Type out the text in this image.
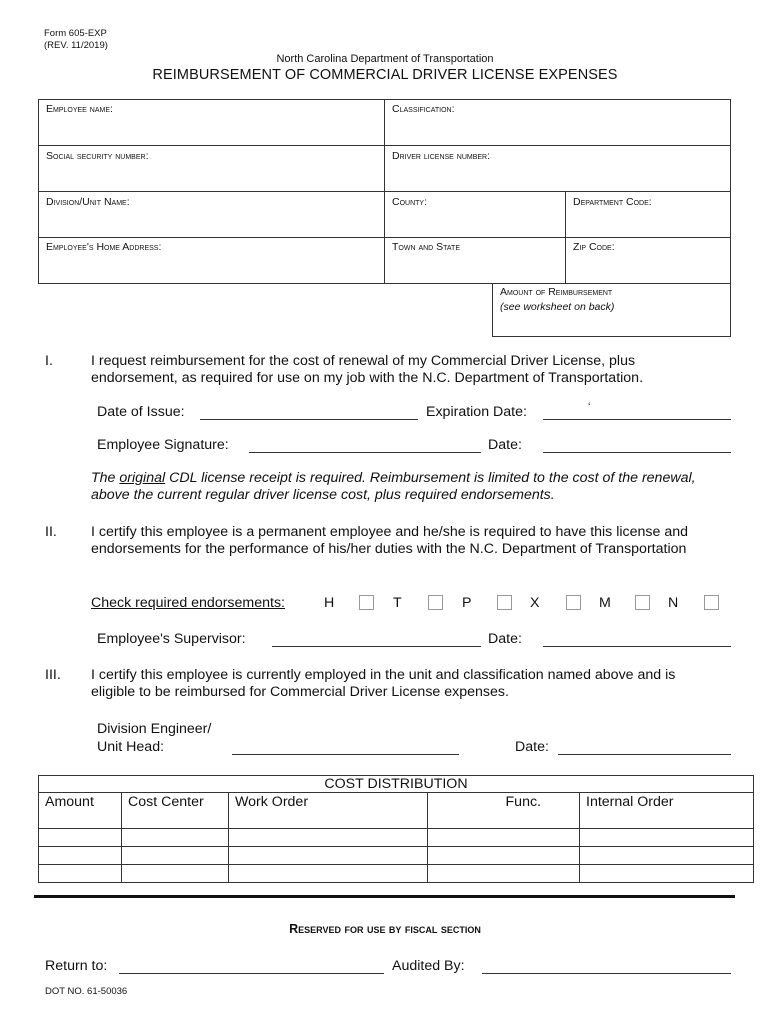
Form 605-EXP
(REV. 11/2019)
North Carolina Department of Transportation
REIMBURSEMENT OF COMMERCIAL DRIVER LICENSE EXPENSES
Employee name:	Classification:
Social security number:	Driver license number:
Division/Unit Name:	County:	Department Code:
Employee's Home Address:	Town and State	Zip Code:
Amount of Reimbursement
(see worksheet on back)
I.	I request reimbursement for the cost of renewal of my Commercial Driver License, plus endorsement, as required for use on my job with the N.C. Department of Transportation.
Date of Issue:	Expiration Date:	‘
Employee Signature:	Date:
The original CDL license receipt is required. Reimbursement is limited to the cost of the renewal, above the current regular driver license cost, plus required endorsements.
II. I certify this employee is a permanent employee and he/she is required to have this license and endorsements for the performance of his/her duties with the N.C. Department of Transportation
Check required endorsements:	H	T	P	X	M	N
Employee's Supervisor:	Date:
III. I certify this employee is currently employed in the unit and classification named above and is eligible to be reimbursed for Commercial Driver License expenses.
Division Engineer/
Unit Head:	Date:
COST DISTRIBUTION				
Amount	Cost Center	Work Order	Func.	Internal Order

Reserved for use by fiscal section
Return to:	Audited By:
DOT NO. 61-50036
